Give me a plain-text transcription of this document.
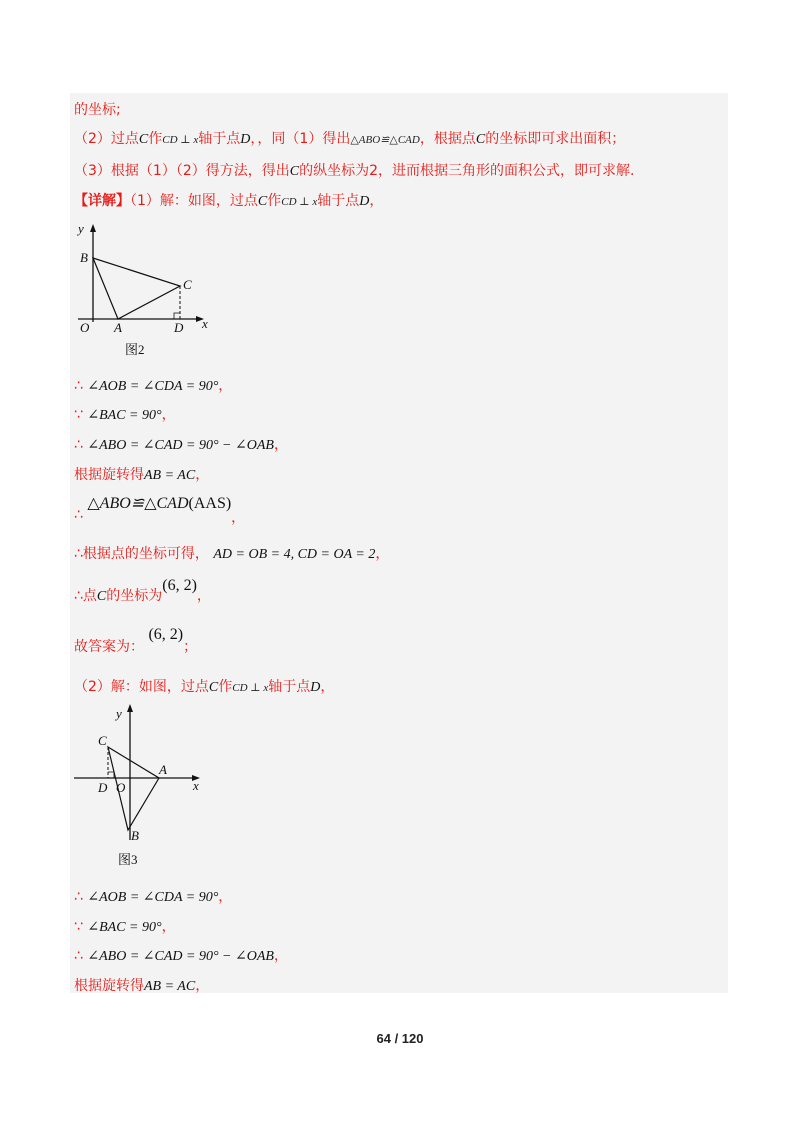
的坐标;
（2）过点C作CD ⊥ x轴于点D，，同（1）得出△ABO≌△CAD，根据点C的坐标即可求出面积；
（3）根据（1）（2）得方法，得出C的纵坐标为2，进而根据三角形的面积公式，即可求解.
【详解】（1）解：如图，过点C作CD ⊥ x轴于点D，
y
B
C
O A	D x
图2
∴ ∠AOB = ∠CDA = 90°，
∵ ∠BAC = 90°，
∴ ∠ABO = ∠CAD = 90° − ∠OAB，
根据旋转得AB = AC，
∴ △ABO≌△CAD(AAS)，
∴根据点的坐标可得， AD = OB = 4, CD = OA = 2，
∴点C的坐标为(6, 2)，
故答案为： (6, 2)；
（2）解：如图，过点C作CD ⊥ x轴于点D，
y
C
A
D O	x
B
图3
∴ ∠AOB = ∠CDA = 90°，
∵ ∠BAC = 90°，
∴ ∠ABO = ∠CAD = 90° − ∠OAB，
根据旋转得AB = AC，
64 / 120
